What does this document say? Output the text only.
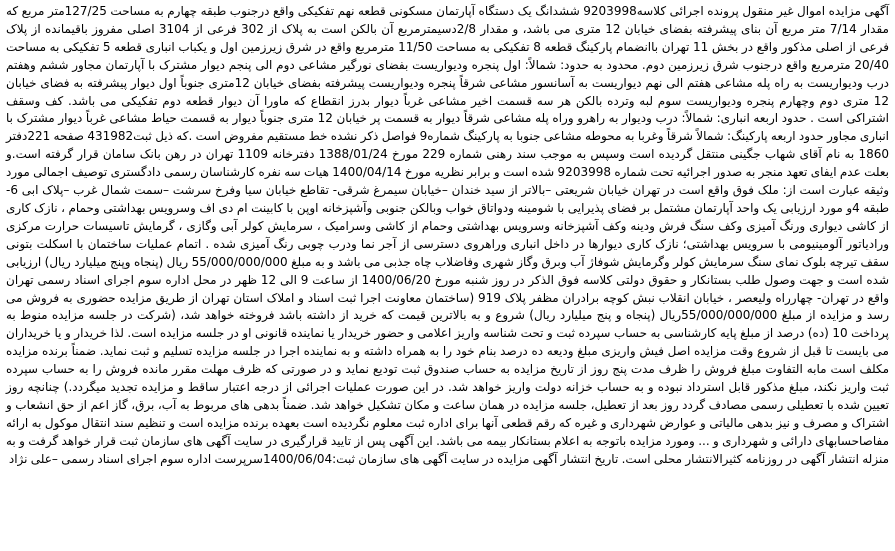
آگهی مزایده اموال غیر منقول پرونده اجرائی کلاسه9203998 ششدانگ یک دستگاه آپارتمان مسکونی قطعه نهم تفکیکی واقع درجنوب طبقه چهارم به مساحت 127/25متر مربع که مقدار 7/14 متر مربع آن بنای پیشرفته بفضای خیابان 12 متری می باشد، و مقدار 2/8دسیمترمربع آن بالکن است به پلاک از 302 فرعی از 3104 اصلی مفروز باقیمانده از پلاک فرعی از اصلی مذکور واقع در بخش 11 تهران باانضمام پارکینگ قطعه 8 تفکیکی به مساحت 11/50 مترمربع واقع در شرق زیرزمین اول و یکباب انباری قطعه 5 تفکیکی به مساحت 20/40 مترمربع واقع درجنوب شرق زیرزمین دوم. محدود به حدود: شمالاً: اول پنجره ودیواریست بفضای نورگیر مشاعی دوم الی پنجم دیوار مشترک با آپارتمان مجاور ششم وهفتم درب ودیواریست به راه پله مشاعی هفتم الی نهم دیواریست به آسانسور مشاعی شرقاً پنجره ودیواریست پیشرفته بفضای خیابان 12متری جنوباً اول دیوار پیشرفته به فضای خیابان 12 متری دوم وچهارم پنجره ودیواریست سوم لبه وترده بالکن هر سه قسمت اخیر مشاعی غرباً دیوار بدرز انقطاع که ماورا آن دیوار قطعه دوم تفکیکی می باشد. کف وسقف اشتراکی است . حدود اربعه انباری: شمالاً: درب ودیوار به راهرو وراه پله مشاعی شرقاً دیوار به قسمت پر خیابان 12 متری جنوباً دیوار به قسمت حیاط مشاعی غرباً دیوار مشترک با انباری مجاور حدود اربعه پارکینگ: شمالاً شرقاً وغربا به محوطه مشاعی جنوبا به پارکینگ شماره9 فواصل ذکر نشده خط مستقیم مفروض است .که ذیل ثبت431982 صفحه 221دفتر 1860 به نام آقای شهاب جگینی منتقل گردیده است وسپس به موجب سند رهنی شماره 229 مورخ 1388/01/24 دفترخانه 1109 تهران در رهن بانک سامان قرار گرفته است.و بعلت عدم ایفای تعهد منجر به صدور اجرائیه تحت شماره 9203998 شده است و برابر نظریه مورخ 1400/04/14 هیات سه نفره کارشناسان رسمی دادگستری توصیف اجمالی مورد وثیقه عبارت است از: ملک فوق واقع است در تهران خیابان شریعتی –بالاتر از سید خندان –خیابان سیمرغ شرقی- تقاطع خیابان سیا وفرخ سرشت –سمت شمال غرب –پلاک ابی 6-طبقه 4و مورد ارزیابی یک واحد آپارتمان مشتمل بر فضای پذیرایی با شومینه ودواتاق خواب وبالکن جنوبی وآشپزخانه اوپن با کابینت ام دی اف وسرویس بهداشتی وحمام ، نازک کاری از کاشی دیواری ورنگ آمیزی وکف سنگ فرش ودینه وکف آشپزخانه وسرویس بهداشتی وحمام از کاشی وسرامیک ، سرمایش کولر آبی وگازی ، گرمایش تاسیسات حرارت مرکزی ورادیاتور آلومینیومی با سرویس بهداشتی؛ نازک کاری دیوارها در داخل انباری وراهروی دسترسی از آجر نما ودرب چوبی رنگ آمیزی شده . اتمام عملیات ساختمان با اسکلت بتونی سقف تیرچه بلوک نمای سنگ سرمایش کولر وگرمایش شوفاژ آب وبرق وگاز شهری وفاضلاب چاه جذبی می باشد و به مبلغ 55/000/000/000 ریال (پنجاه وپنج میلیارد ریال) ارزیابی شده است و جهت وصول طلب بستانکار و حقوق دولتی کلاسه فوق الذکر در روز شنبه مورخ 1400/06/20 از ساعت 9 الی 12 ظهر در محل اداره سوم اجرای اسناد رسمی تهران واقع در تهران- چهارراه ولیعصر ، خیابان انقلاب نبش کوچه برادران مظفر پلاک 919 (ساختمان معاونت اجرا ثبت اسناد و املاک استان تهران از طریق مزایده حضوری به فروش می رسد و مزایده از مبلغ 55/000/000/000ریال (پنجاه و پنج میلیارد ریال) شروع و به بالاترین قیمت که خرید از داشته باشد فروخته خواهد شد، (شرکت در جلسه مزایده منوط به پرداخت 10 (ده) درصد از مبلغ پایه کارشناسی به حساب سپرده ثبت و تحت شناسه واریز اعلامی و حضور خریدار یا نماینده قانونی او در جلسه مزایده است. لذا خریدار و یا خریداران می بایست تا قبل از شروع وقت مزایده اصل فیش واریزی مبلغ ودیعه ده درصد بنام خود را به همراه داشته و به نماینده اجرا در جلسه مزایده تسلیم و ثبت نماید. ضمناً برنده مزایده مکلف است مابه التفاوت مبلغ فروش را ظرف مدت پنج روز از تاریخ مزایده به حساب صندوق ثبت تودیع نماید و در صورتی که ظرف مهلت مقرر مانده فروش را به حساب سپرده ثبت واریز نکند، مبلغ مذکور قابل استرداد نبوده و به حساب خزانه دولت واریز خواهد شد. در این صورت عملیات اجرائی از درجه اعتبار ساقط و مزایده تجدید میگردد.) چنانچه روز تعیین شده با تعطیلی رسمی مصادف گردد روز بعد از تعطیل، جلسه مزایده در همان ساعت و مکان تشکیل خواهد شد. ضمناً بدهی های مربوط به آب، برق، گاز اعم از حق انشعاب و اشتراک و مصرف و نیز بدهی مالیاتی و عوارض شهرداری و غیره که رقم قطعی آنها برای اداره ثبت معلوم نگردیده است بعهده برنده مزایده است و تنظیم سند انتقال موکول به ارائه مفاصاحسابهای دارائی و شهرداری و ... ومورد مزایده باتوجه به اعلام بستانکار بیمه می باشد. این آگهی پس از تایید قرارگیری در سایت آگهی های سازمان ثبت قرار خواهد گرفت و به منزله انتشار آگهی در روزنامه کثیرالانتشار محلی است. تاریخ انتشار آگهی مزایده در سایت آگهی های سازمان ثبت:1400/06/04سرپرست اداره سوم اجرای اسناد رسمی –علی نژاد
